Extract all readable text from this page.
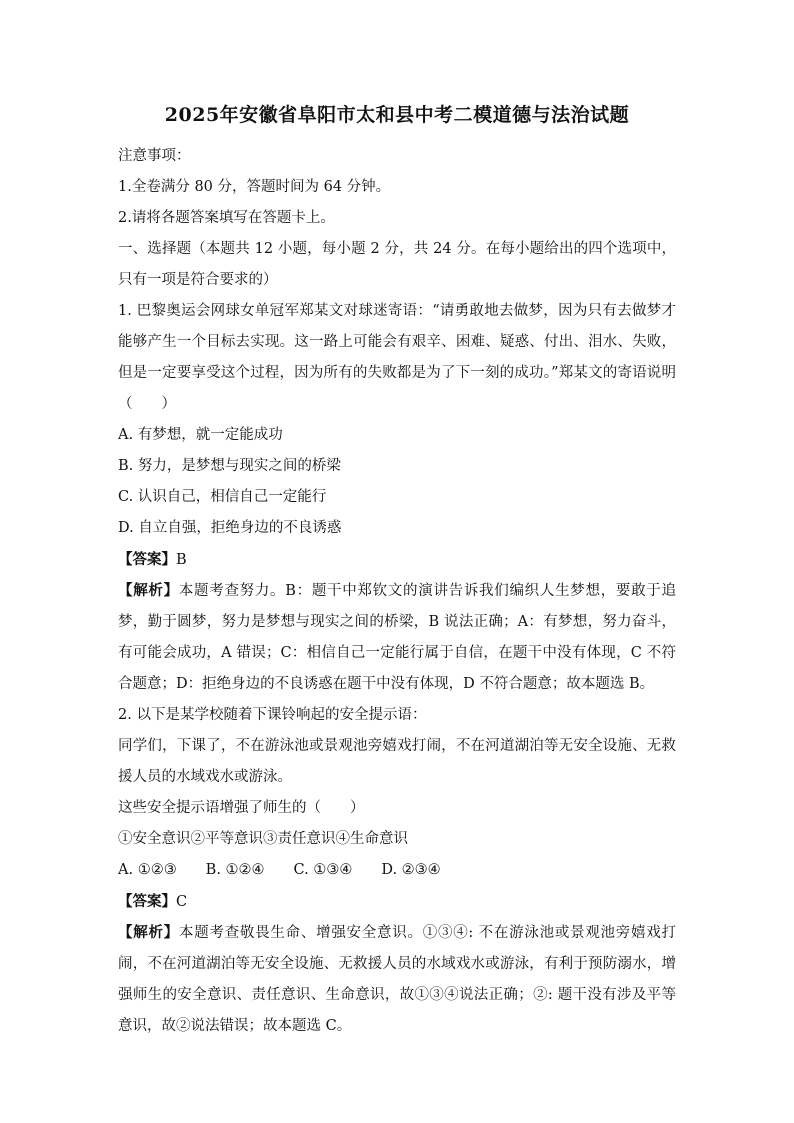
2025年安徽省阜阳市太和县中考二模道德与法治试题
注意事项：
1.全卷满分 80 分，答题时间为 64 分钟。
2.请将各题答案填写在答题卡上。
一、选择题（本题共 12 小题，每小题 2 分，共 24 分。在每小题给出的四个选项中，只有一项是符合要求的）
1. 巴黎奥运会网球女单冠军郑某文对球迷寄语：“请勇敢地去做梦，因为只有去做梦才能够产生一个目标去实现。这一路上可能会有艰辛、困难、疑惑、付出、泪水、失败，但是一定要享受这个过程，因为所有的失败都是为了下一刻的成功。”郑某文的寄语说明（　　）
A. 有梦想，就一定能成功
B. 努力，是梦想与现实之间的桥梁
C. 认识自己，相信自己一定能行
D. 自立自强，拒绝身边的不良诱惑
【答案】B
【解析】本题考查努力。B：题干中郑钦文的演讲告诉我们编织人生梦想，要敢于追梦，勤于圆梦，努力是梦想与现实之间的桥梁，B 说法正确；A：有梦想，努力奋斗，有可能会成功，A 错误；C：相信自己一定能行属于自信，在题干中没有体现，C 不符合题意；D：拒绝身边的不良诱惑在题干中没有体现，D 不符合题意；故本题选 B。
2. 以下是某学校随着下课铃响起的安全提示语：
同学们，下课了，不在游泳池或景观池旁嬉戏打闹，不在河道湖泊等无安全设施、无救援人员的水域戏水或游泳。
这些安全提示语增强了师生的（　　）
①安全意识②平等意识③责任意识④生命意识
A. ①②③　　B. ①②④　　C. ①③④　　D. ②③④
【答案】C
【解析】本题考查敬畏生命、增强安全意识。①③④: 不在游泳池或景观池旁嬉戏打闹，不在河道湖泊等无安全设施、无救援人员的水域戏水或游泳，有利于预防溺水，增强师生的安全意识、责任意识、生命意识，故①③④说法正确；②: 题干没有涉及平等意识，故②说法错误；故本题选 C。
